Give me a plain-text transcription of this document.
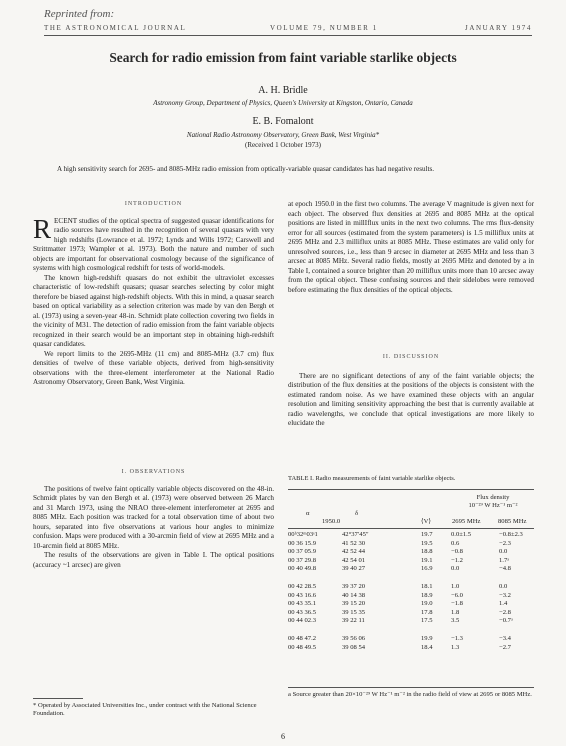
Reprinted from:
THE ASTRONOMICAL JOURNAL	VOLUME 79, NUMBER 1	JANUARY 1974
Search for radio emission from faint variable starlike objects
A. H. Bridle
Astronomy Group, Department of Physics, Queen's University at Kingston, Ontario, Canada
E. B. Fomalont
National Radio Astronomy Observatory, Green Bank, West Virginia*
(Received 1 October 1973)
A high sensitivity search for 2695- and 8085-MHz radio emission from optically-variable quasar candidates has had negative results.
INTRODUCTION

RECENT studies of the optical spectra of suggested quasar identifications for radio sources have resulted in the recognition of several quasars with very high redshifts (Lowrance et al. 1972; Lynds and Wills 1972; Carswell and Strittmatter 1973; Wampler et al. 1973). Both the nature and number of such objects are important for observational cosmology because of the significance of systems with high cosmological redshift for tests of world-models.

The known high-redshift quasars do not exhibit the ultraviolet excesses characteristic of low-redshift quasars; quasar searches selecting by color might therefore be biased against high-redshift objects. With this in mind, a quasar search based on optical variability as a selection criterion was made by van den Bergh et al. (1973) using a seven-year 48-in. Schmidt plate collection covering two fields in the vicinity of M31. The detection of radio emission from the faint variable objects recognized in their search would be an important step in obtaining high-redshift quasar candidates.

We report limits to the 2695-MHz (11 cm) and 8085-MHz (3.7 cm) flux densities of twelve of these variable objects, derived from high-sensitivity observations with the three-element interferometer at the National Radio Astronomy Observatory, Green Bank, West Virginia.

I. OBSERVATIONS

The positions of twelve faint optically variable objects discovered on the 48-in. Schmidt plates by van den Bergh et al. (1973) were observed between 26 March and 31 March 1973, using the NRAO three-element interferometer at 2695 and 8085 MHz. Each position was tracked for a total observation time of about two hours, separated into five observations at various hour angles to minimize confusion. Maps were produced with a 30-arcmin field of view at 2695 MHz and a 10-arcmin field at 8085 MHz.

The results of the observations are given in Table I. The optical positions (accuracy ~1 arcsec) are given

* Operated by Associated Universities Inc., under contract with the National Science Foundation.

at epoch 1950.0 in the first two columns. The average V magnitude is given next for each object. The observed flux densities at 2695 and 8085 MHz at the optical positions are listed in millIflux units in the next two columns. The rms flux-density error for all sources (estimated from the system parameters) is 1.5 milliflux units at 2695 MHz and 2.3 milliflux units at 8085 MHz. These estimates are valid only for unresolved sources, i.e., less than 9 arcsec in diameter at 2695 MHz and less than 3 arcsec at 8085 MHz. Several radio fields, mostly at 2695 MHz and denoted by a in Table I, contained a source brighter than 20 milliflux units more than 10 arcsec away from the optical object. These confusing sources and their sidelobes were removed before estimating the flux densities of the optical objects.

II. DISCUSSION

There are no significant detections of any of the faint variable objects; the distribution of the flux densities at the positions of the objects is consistent with the estimated random noise. As we have examined these objects with an angular resolution and limiting sensitivity approaching the best that is currently available at radio wavelengths, we conclude that optical investigations are more likely to elucidate the

TABLE I. Radio measurements of faint variable starlike objects.
Flux density
10⁻²⁹ W Hz⁻¹ m⁻²
α	δ
1950.0	⟨V⟩	2695 MHz	8085 MHz
00ʰ32ᵐ03ˢ1	42°37′45″	19.7	0.0±1.5	−0.8±2.3
00 36 15.9	41 52 30	19.5	0.6	−2.3
00 37 05.9	42 52 44	18.8	−0.8	0.0
00 37 29.8	42 54 01	19.1	−1.2	1.7ᵃ
00 40 49.8	39 40 27	16.9	0.0	−4.8
00 42 28.5	39 37 20	18.1	1.0	0.0
00 43 16.6	40 14 38	18.9	−6.0	−3.2
00 43 35.1	39 15 20	19.0	−1.8	1.4
00 43 36.5	39 15 35	17.8	1.8	−2.8
00 44 02.3	39 22 11	17.5	3.5	−0.7ᵃ
00 48 47.2	39 56 06	19.9	−1.3	−3.4
00 48 49.5	39 08 54	18.4	1.3	−2.7
a Source greater than 20×10⁻²⁹ W Hz⁻¹ m⁻² in the radio field of view at 2695 or 8085 MHz.
6
